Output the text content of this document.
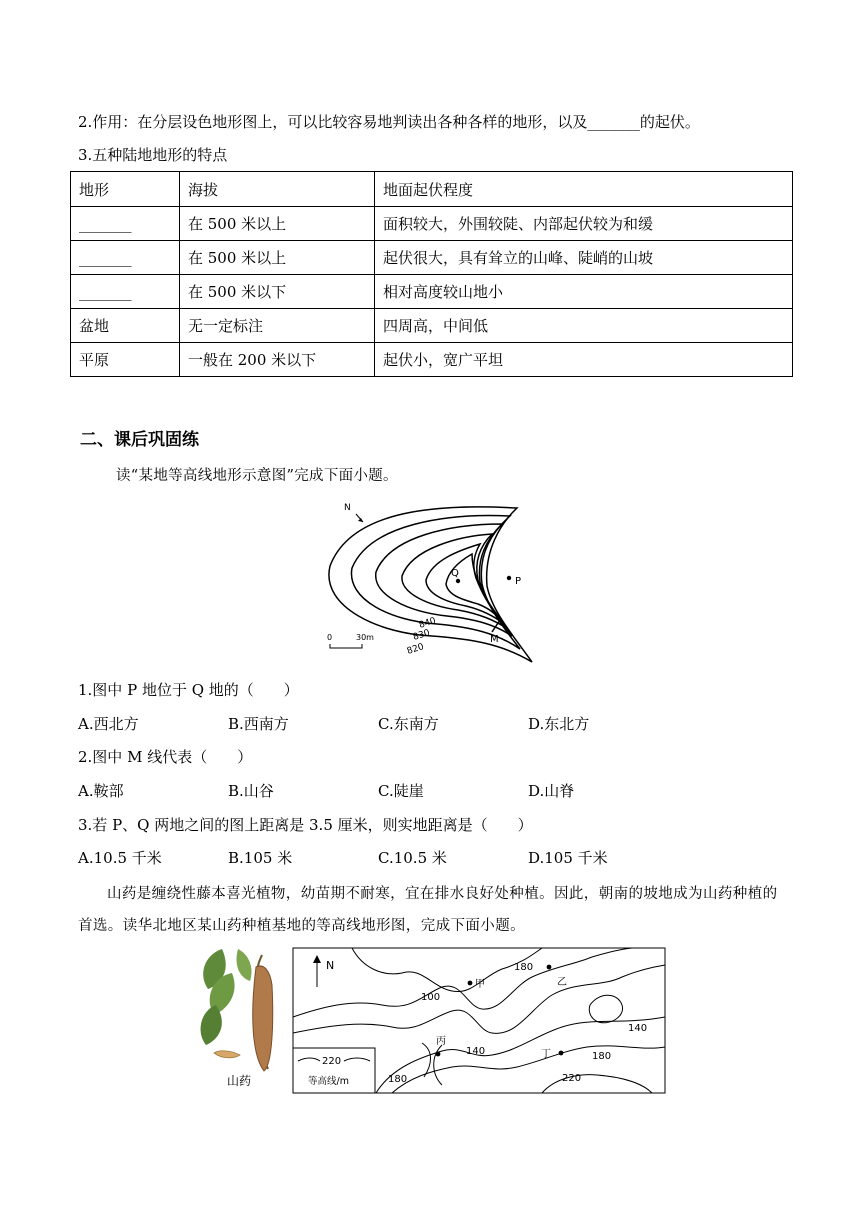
2.作用：在分层设色地形图上，可以比较容易地判读出各种各样的地形，以及_______的起伏。
3.五种陆地地形的特点
地形	海拔	地面起伏程度
_______	在 500 米以上	面积较大，外围较陡、内部起伏较为和缓
_______	在 500 米以上	起伏很大，具有耸立的山峰、陡峭的山坡
_______	在 500 米以下	相对高度较山地小
盆地	无一定标注	四周高，中间低
平原	一般在 200 米以下	起伏小，宽广平坦
二、课后巩固练
读“某地等高线地形示意图”完成下面小题。
N
Q
P
M
840
830
820
0	30m
1.图中 P 地位于 Q 地的（　　）
A.西北方	B.西南方	C.东南方	D.东北方
2.图中 M 线代表（　　）
A.鞍部	B.山谷	C.陡崖	D.山脊
3.若 P、Q 两地之间的图上距离是 3.5 厘米，则实地距离是（　　）
A.10.5 千米	B.105 米	C.10.5 米	D.105 千米
山药是缠绕性藤本喜光植物，幼苗期不耐寒，宜在排水良好处种植。因此，朝南的坡地成为山药种植的首选。读华北地区某山药种植基地的等高线地形图，完成下面小题。
山药
N
甲	乙
丙
丁
180
100
140
140	180
180	220
220
等高线/m
